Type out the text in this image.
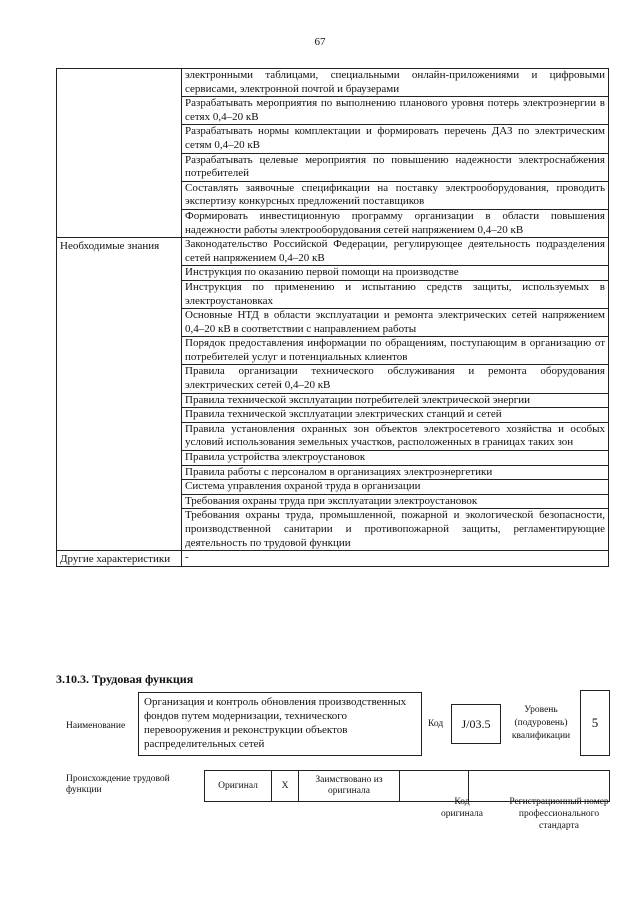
67
	электронными таблицами, специальными онлайн-приложениями и цифровыми сервисами, электронной почтой и браузерами
	Разрабатывать мероприятия по выполнению планового уровня потерь электроэнергии в сетях 0,4–20 кВ
	Разрабатывать нормы комплектации и формировать перечень ДАЗ по электрическим сетям 0,4–20 кВ
	Разрабатывать целевые мероприятия по повышению надежности электроснабжения потребителей
	Составлять заявочные спецификации на поставку электрооборудования, проводить экспертизу конкурсных предложений поставщиков
	Формировать инвестиционную программу организации в области повышения надежности работы электрооборудования сетей напряжением 0,4–20 кВ
Необходимые знания	Законодательство Российской Федерации, регулирующее деятельность подразделения сетей напряжением 0,4–20 кВ
	Инструкция по оказанию первой помощи на производстве
	Инструкция по применению и испытанию средств защиты, используемых в электроустановках
	Основные НТД в области эксплуатации и ремонта электрических сетей напряжением 0,4–20 кВ в соответствии с направлением работы
	Порядок предоставления информации по обращениям, поступающим в организацию от потребителей услуг и потенциальных клиентов
	Правила организации технического обслуживания и ремонта оборудования электрических сетей 0,4–20 кВ
	Правила технической эксплуатации потребителей электрической энергии
	Правила технической эксплуатации электрических станций и сетей
	Правила установления охранных зон объектов электросетевого хозяйства и особых условий использования земельных участков, расположенных в границах таких зон
	Правила устройства электроустановок
	Правила работы с персоналом в организациях электроэнергетики
	Система управления охраной труда в организации
	Требования охраны труда при эксплуатации электроустановок
	Требования охраны труда, промышленной, пожарной и экологической безопасности, производственной санитарии и противопожарной защиты, регламентирующие деятельность по трудовой функции
Другие характеристики	-
3.10.3. Трудовая функция
Наименование
Организация и контроль обновления производственных фондов путем модернизации, технического перевооружения и реконструкции объектов распределительных сетей
Код	J/03.5
Уровень (подуровень) квалификации
5
Происхождение трудовой функции	Оригинал	X	Заимствовано из оригинала		
Код оригинала
Регистрационный номер профессионального стандарта
